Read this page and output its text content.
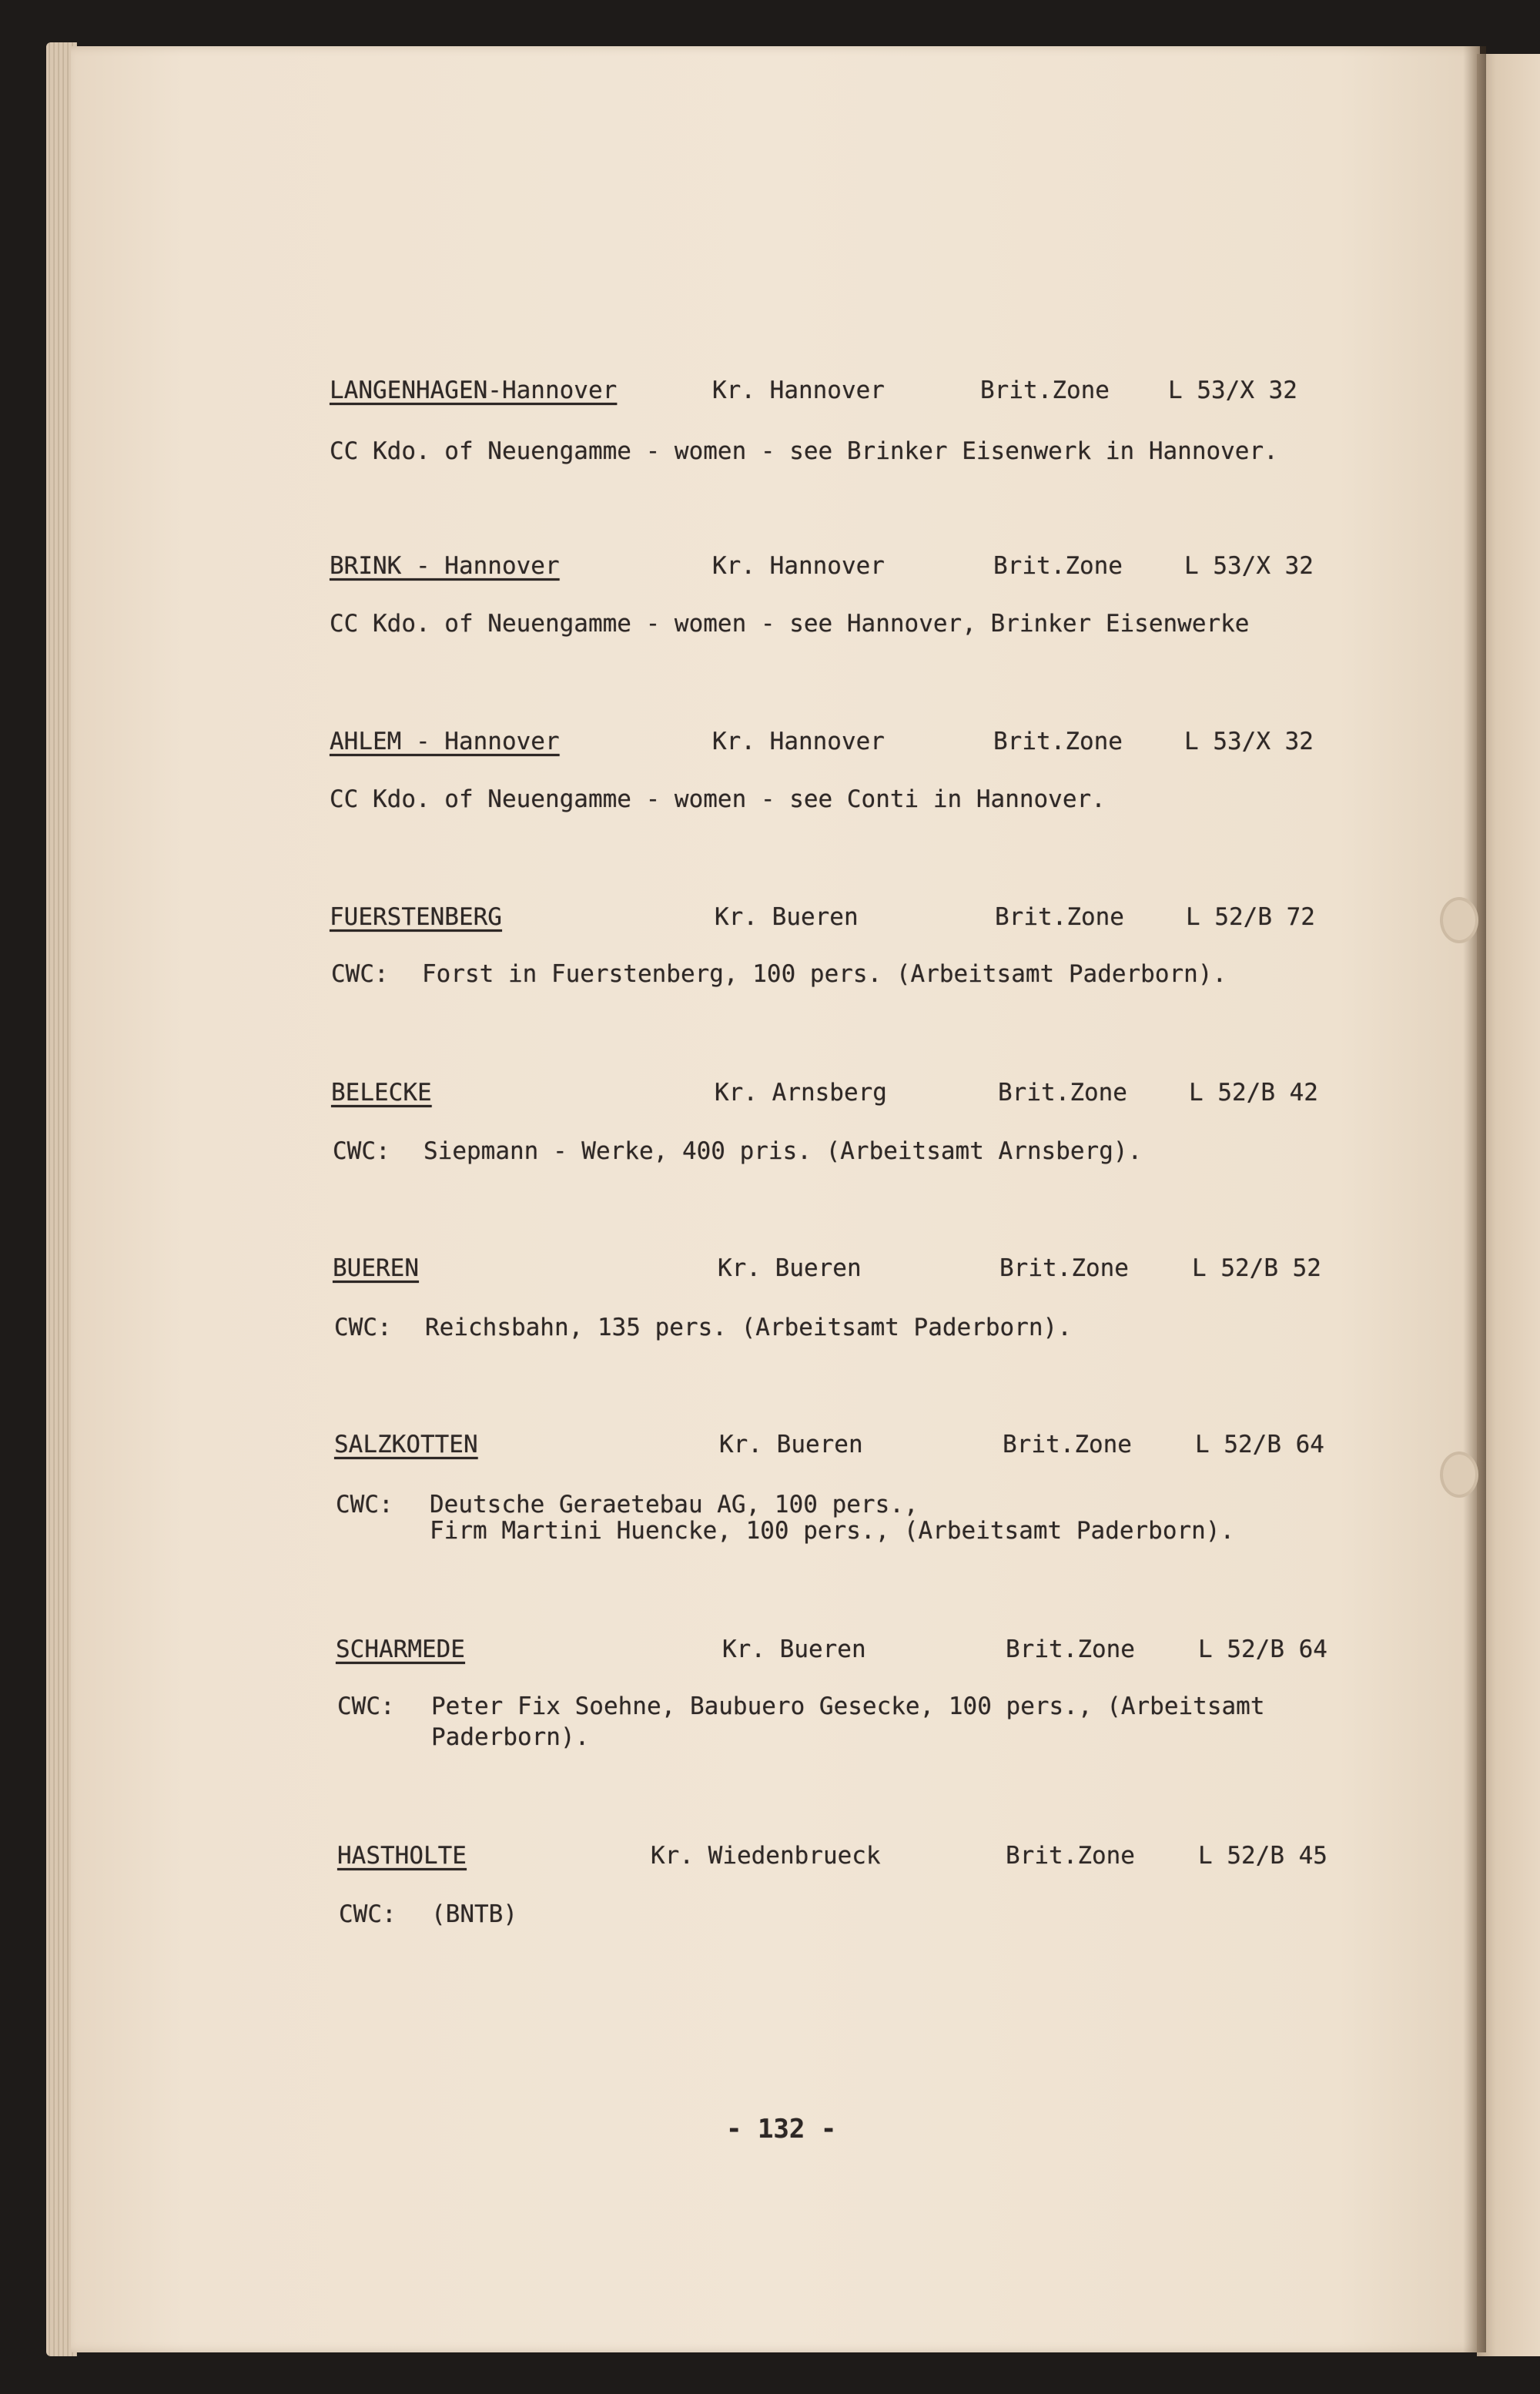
LANGENHAGEN-Hannover	Kr. Hannover	Brit.Zone L 53/X 32
CC Kdo. of Neuengamme - women - see Brinker Eisenwerk in Hannover.
BRINK - Hannover	Kr. Hannover	Brit.Zone	L 53/X 32
CC Kdo. of Neuengamme - women - see Hannover, Brinker Eisenwerke
AHLEM - Hannover	Kr. Hannover	Brit.Zone	L 53/X 32
CC Kdo. of Neuengamme - women - see Conti in Hannover.
FUERSTENBERG	Kr. Bueren	Brit.Zone	L 52/B 72
CWC: Forst in Fuerstenberg, 100 pers. (Arbeitsamt Paderborn).
BELECKE	Kr. Arnsberg	Brit.Zone	L 52/B 42
CWC: Siepmann - Werke, 400 pris. (Arbeitsamt Arnsberg).
BUEREN	Kr. Bueren	Brit.Zone	L 52/B 52
CWC: Reichsbahn, 135 pers. (Arbeitsamt Paderborn).
SALZKOTTEN	Kr. Bueren	Brit.Zone	L 52/B 64
CWC: Deutsche Geraetebau AG, 100 pers.,
Firm Martini Huencke, 100 pers., (Arbeitsamt Paderborn).
SCHARMEDE	Kr. Bueren	Brit.Zone	L 52/B 64
CWC: Peter Fix Soehne, Baubuero Gesecke, 100 pers., (Arbeitsamt
Paderborn).
HASTHOLTE	Kr. Wiedenbrueck	Brit.Zone	L 52/B 45
CWC: (BNTB)
- 132 -
